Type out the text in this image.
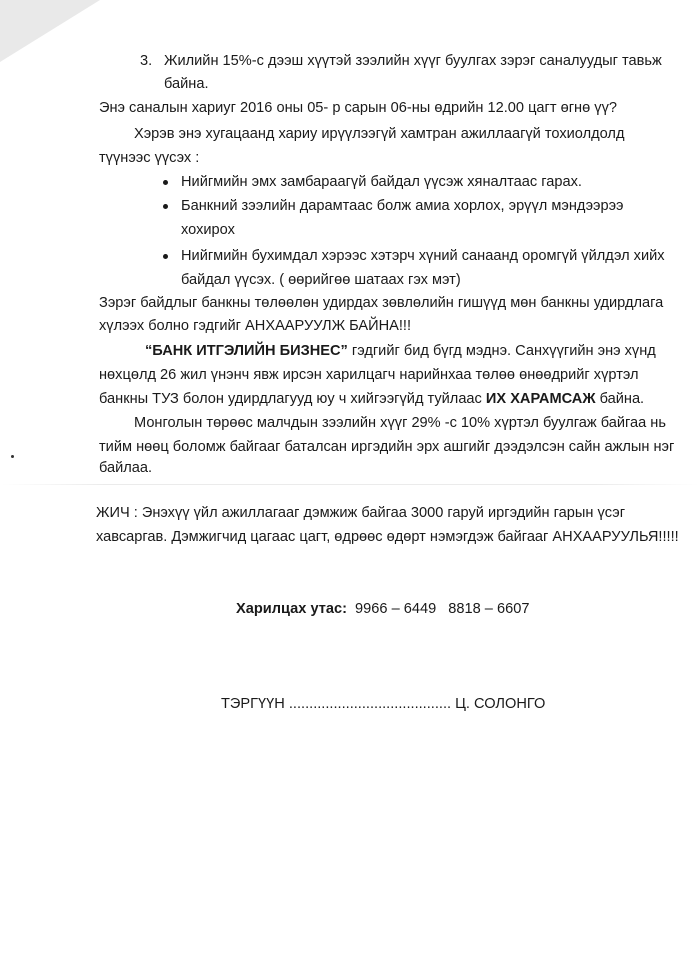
3. Жилийн 15%-с дээш хүүтэй зээлийн хүүг буулгах зэрэг саналуудыг тавьж
байна.
Энэ саналын хариуг 2016 оны 05- р сарын 06-ны өдрийн 12.00 цагт өгнө үү?
Хэрэв энэ хугацаанд хариу ирүүлээгүй хамтран ажиллаагүй тохиолдолд
түүнээс үүсэх :
Нийгмийн эмх замбараагүй байдал үүсэж хяналтаас гарах.
Банкний зээлийн дарамтаас болж амиа хорлох, эрүүл мэндээрээ
хохирох
Нийгмийн бухимдал хэрээс хэтэрч хүний санаанд оромгүй үйлдэл хийх
байдал үүсэх. ( өөрийгөө шатаах гэх мэт)
Зэрэг байдлыг банкны төлөөлөн удирдах зөвлөлийн гишүүд мөн банкны удирдлага
хүлээх болно гэдгийг АНХААРУУЛЖ БАЙНА!!!
“БАНК ИТГЭЛИЙН БИЗНЕС” гэдгийг бид бүгд мэднэ. Санхүүгийн энэ хүнд
нөхцөлд 26 жил үнэнч явж ирсэн харилцагч нарийнхаа төлөө өнөөдрийг хүртэл
банкны ТУЗ болон удирдлагууд юу ч хийгээгүйд туйлаас ИХ ХАРАМСАЖ байна.
Монголын төрөөс малчдын зээлийн хүүг 29% -с 10% хүртэл буулгаж байгаа нь
тийм нөөц боломж байгааг баталсан иргэдийн эрх ашгийг дээдэлсэн сайн ажлын нэг
байлаа.
ЖИЧ : Энэхүү үйл ажиллагааг дэмжиж байгаа 3000 гаруй иргэдийн гарын үсэг
хавсаргав. Дэмжигчид цагаас цагт, өдрөөс өдөрт нэмэгдэж байгааг АНХААРУУЛЬЯ!!!!!
Харилцах утас: 9966 – 6449 8818 – 6607
ТЭРГҮҮН ........................................ Ц. СОЛОНГО
